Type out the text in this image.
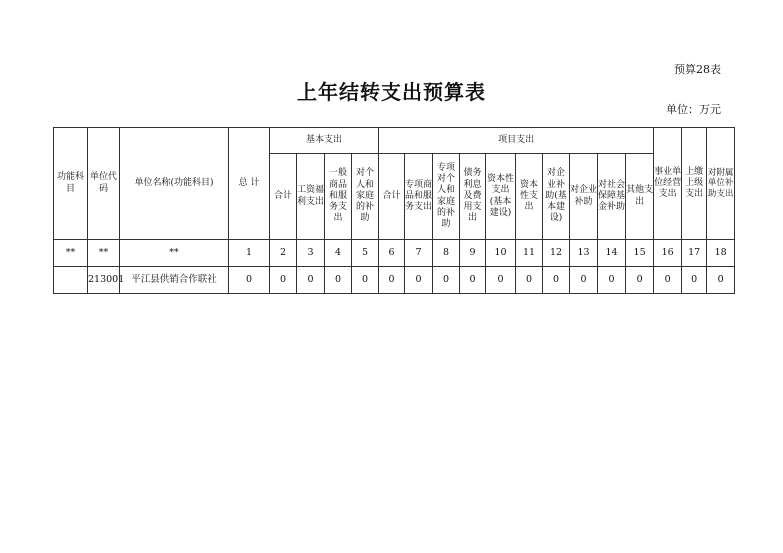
预算28表
上年结转支出预算表
单位：万元
功能科目	单位代码	单位名称(功能科目)	总 计	基本支出				项目支出										事业单位经营支出	上缴上级支出	对附属单位补助支出
				合计	工资福利支出	一般商品和服务支出	对个人和家庭的补助	合计	专项商品和服务支出	专项对个人和家庭的补助	债务利息及费用支出	资本性支出(基本建设)	资本性支出	对企业补助(基本建设)	对企业补助	对社会保障基金补助	其他支出			
**	**	**	1	2	3	4	5	6	7	8	9	10	11	12	13	14	15	16	17	18
	213001	平江县供销合作联社	0	0	0	0	0	0	0	0	0	0	0	0	0	0	0	0	0	0
